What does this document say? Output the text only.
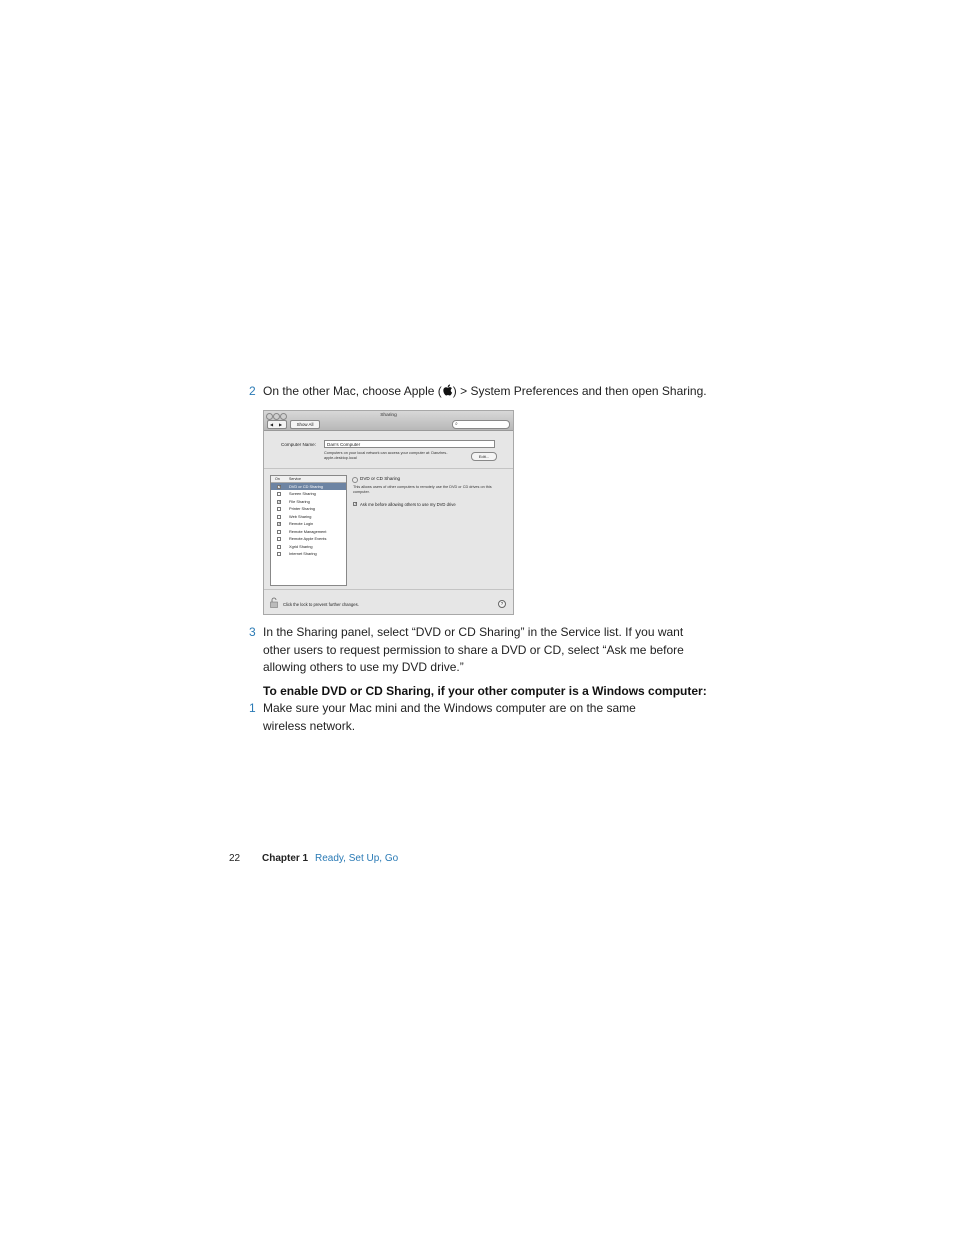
2 On the other Mac, choose Apple ( ) > System Preferences and then open Sharing.
Sharing
◀ ▶	Show All	⌕
Computer Name:	Dan’s Computer
Computers on your local network can access your computer at: Danzhes-apple-desktop.local	Edit...
On	Service
✓ DVD or CD Sharing
Screen Sharing
✓ File Sharing
Printer Sharing
Web Sharing
✓ Remote Login
Remote Management
Remote Apple Events
Xgrid Sharing
Internet Sharing
DVD or CD Sharing
This allows users of other computers to remotely use the DVD or CD drives on this computer.
✓ Ask me before allowing others to use my DVD drive
Click the lock to prevent further changes.	?
3 In the Sharing panel, select “DVD or CD Sharing” in the Service list. If you want other users to request permission to share a DVD or CD, select “Ask me before allowing others to use my DVD drive.”
To enable DVD or CD Sharing, if your other computer is a Windows computer:
1 Make sure your Mac mini and the Windows computer are on the same wireless network.
22 Chapter 1 Ready, Set Up, Go
